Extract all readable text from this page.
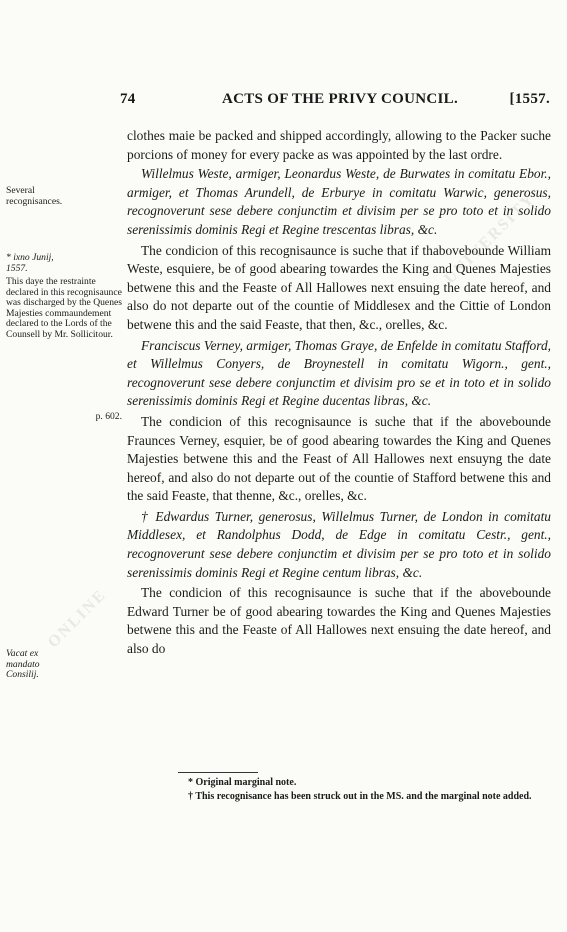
UNIVERSITY
ONLINE
74	ACTS OF THE PRIVY COUNCIL.	[1557.

clothes maie be packed and shipped accordingly, allowing to the Packer suche porcions of money for every packe as was appointed by the last ordre.

Willelmus Weste, armiger, Leonardus Weste, de Burwates in comitatu Ebor., armiger, et Thomas Arundell, de Erburye in comitatu Warwic, generosus, recognoverunt sese debere conjunctim et divisim per se pro toto et in solido serenissimis dominis Regi et Regine trescentas libras, &c.

The condicion of this recognisaunce is suche that if thabovebounde William Weste, esquiere, be of good abearing towardes the King and Quenes Majesties betwene this and the Feaste of All Hallowes next ensuing the date hereof, and also do not departe out of the countie of Middlesex and the Cittie of London betwene this and the said Feaste, that then, &c., orelles, &c.

Franciscus Verney, armiger, Thomas Graye, de Enfelde in comitatu Stafford, et Willelmus Conyers, de Broynestell in comitatu Wigorn., gent., recognoverunt sese debere conjunctim et divisim pro se et in toto et in solido serenissimis dominis Regi et Regine ducentas libras, &c.

The condicion of this recognisaunce is suche that if the abovebounde Fraunces Verney, esquier, be of good abearing towardes the King and Quenes Majesties betwene this and the Feast of All Hallowes next ensuyng the date hereof, and also do not departe out of the countie of Stafford betwene this and the said Feaste, that thenne, &c., orelles, &c.

† Edwardus Turner, generosus, Willelmus Turner, de London in comitatu Middlesex, et Randolphus Dodd, de Edge in comitatu Cestr., gent., recognoverunt sese debere conjunctim et divisim per se pro toto et in solido serenissimis dominis Regi et Regine centum libras, &c.

The condicion of this recognisaunce is suche that if the abovebounde Edward Turner be of good abearing towardes the King and Quenes Majesties betwene this and the Feaste of All Hallowes next ensuing the date hereof, and also do

Several recognisances.
* ixno Junij, 1557.
This daye the restrainte declared in this recognisaunce was discharged by the Quenes Majesties commaundement declared to the Lords of the Counsell by Mr. Sollicitour.
p. 602.
Vacat ex mandato Consilij.

* Original marginal note.

† This recognisance has been struck out in the MS. and the marginal note added.
